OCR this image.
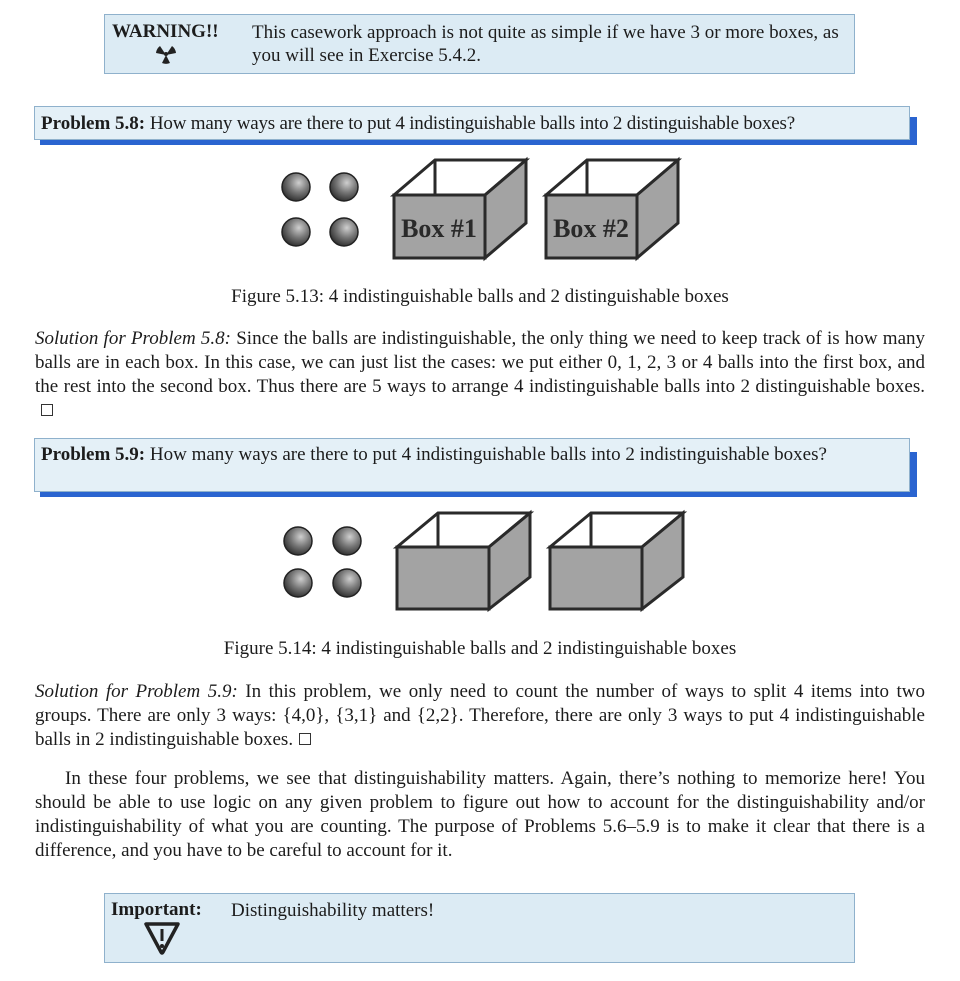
WARNING!! This casework approach is not quite as simple if we have 3 or more boxes, as you will see in Exercise 5.4.2.
Problem 5.8: How many ways are there to put 4 indistinguishable balls into 2 distinguishable boxes?
Box #1	Box #2
Figure 5.13: 4 indistinguishable balls and 2 distinguishable boxes
Solution for Problem 5.8: Since the balls are indistinguishable, the only thing we need to keep track of is how many balls are in each box. In this case, we can just list the cases: we put either 0, 1, 2, 3 or 4 balls into the first box, and the rest into the second box. Thus there are 5 ways to arrange 4 indistinguishable balls into 2 distinguishable boxes.
Problem 5.9: How many ways are there to put 4 indistinguishable balls into 2 indistinguishable boxes?
Figure 5.14: 4 indistinguishable balls and 2 indistinguishable boxes
Solution for Problem 5.9: In this problem, we only need to count the number of ways to split 4 items into two groups. There are only 3 ways: {4,0}, {3,1} and {2,2}. Therefore, there are only 3 ways to put 4 indistinguishable balls in 2 indistinguishable boxes.
In these four problems, we see that distinguishability matters. Again, there’s nothing to memorize here! You should be able to use logic on any given problem to figure out how to account for the distinguishability and/or indistinguishability of what you are counting. The purpose of Problems 5.6–5.9 is to make it clear that there is a difference, and you have to be careful to account for it.
Important: Distinguishability matters!
